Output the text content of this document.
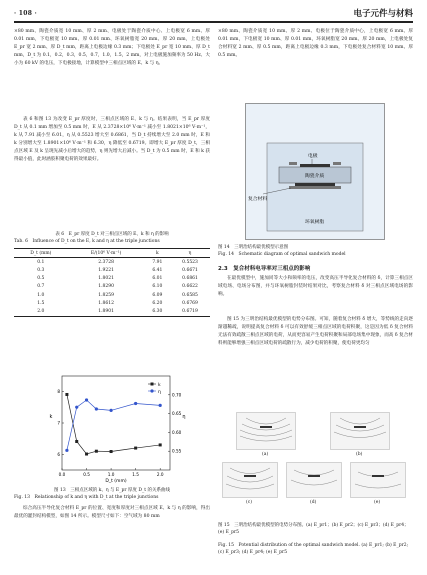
· 108 ·	电子元件与材料

×80 mm、陶瓷介质宽 10 mm、厚 2 mm、电极处于陶瓷介质中心、上电极宽 6 mm、厚 0.01 mm，下电极宽 10 mm、厚 0.01 mm、环氧树脂宽 20 mm、厚 20 mm，上电极处 E_pr 宽 2 mm、厚 D_t mm，距离上电极边缘 0.3 mm；下电极处 E_pr 宽 10 mm、厚 D_t mm，D_t 为 0.1，0.2，0.3，0.5，0.7，1.0，1.5，2 mm，对上电极施加频率为 50 Hz、大小为 60 kV 的电压，下电极接地，计算模型中三相点区域的 E、k 与 η。

表 6 和图 13 为改变 E_pr 厚度时，三相点区域的 E、k 与 η。结果表明，当 E_pr 厚度 D_t 从 0.1 mm 增加至 0.5 mm 时，E 从 2.3728×10⁶ V·m⁻¹ 减小至 1.8021×10⁶ V·m⁻¹，k 从 7.91 减小至 6.01，η 从 0.5523 增大至 0.6861，当 D_t 持续增大至 2.0 mm 时，E 和 k 分别增大至 1.8901×10⁶ V·m⁻¹ 和 6.30，η 降低至 0.6719。即增大 E_pr 厚度 D_t，三相点区域 E 及 k 呈现先减小后增大的趋势，η 则先增大后减小。当 D_t 为 0.5 mm 时，E 和 k 获得最小值，此时涵胶积聚电荷的效果最好。

表 6　E_pr 厚度 D_t 对三相点区域的 E、k 和 η 的影响
Tab. 6　Influence of D_t on the E, k and η at the triple junctions
D_t (mm)	E/(10⁶ V·m⁻¹)	k	η
0.1	2.3728	7.91	0.5523
0.3	1.9221	6.41	0.6671
0.5	1.8021	6.01	0.6861
0.7	1.8290	6.10	0.6622
1.0	1.8259	6.09	0.6585
1.5	1.8612	6.20	0.6769
2.0	1.8901	6.30	0.6719
0.0	0.5	1.0	1.5	2.0
6
7
8
0.55
0.60
0.65
0.70
k	η
D_t (mm)
k
η
图 13　三相点区域的 k、η 与 E_pr 厚度 D_t 的关系曲线
Fig. 13　Relationship of k and η with D_t at the triple junctions

综合高压半导化复合材料 E_pr 的位置、宽度和厚度对三相点区域 E、k 与 η 的影响，得出最优的灌封结构模型，如图 14 所示。模型尺寸如下：空气域为 80 mm

×80 mm、陶瓷介质宽 10 mm、厚 2 mm、电极位于陶瓷介质中心，上电极宽 6 mm、厚 0.01 mm，下电极宽 10 mm、厚 0.01 mm，环氧树脂宽 20 mm、厚 20 mm，上电极处复合材料宽 2 mm、厚 0.5 mm，距离上电极边缘 0.3 mm，下电极处复合材料宽 10 mm、厚 0.5 mm。

电极
陶瓷介质
复合材料
环氧树脂
图 14　三明治结构最优模型示意图
Fig. 14　Schematic diagram of optimal sandwich model
2.3　复合材料电导率对三相点的影响

在最优模型中，施加同等大小和频率的电压，改变高压半导化复合材料的 δ，计算三相点区域电场、电场分布图，并与环氧树脂封装时结果对比，考察复合材料 δ 对三相点区域电场的影响。

图 15 为三明治结构最优模型的电势分布图。可知，随着复合材料 δ 增大，等势线的走向逐渐越稀疏，说明提高复合材料 δ 可以有效舒缓三相点区域的电荷积聚，这是因为低 δ 复合材料无法有效疏散三相点区域的电荷，从而更容易产生电荷积聚和局部电场集中现象，而高 δ 复合材料则能够增强三相点区域电荷的疏散行为，减少电荷的积聚，使电荷更均匀

(a)	(b)
(c)	(d)	(e)
图 15　三明治结构最优模型的电势分布图。(a) E_pr1；(b) E_pr2；(c) E_pr3；(d) E_pr4；(e) E_pr5
Fig. 15　Potential distribution of the optimal sandwich model. (a) E_pr1; (b) E_pr2; (c) E_pr3; (d) E_pr4; (e) E_pr5
